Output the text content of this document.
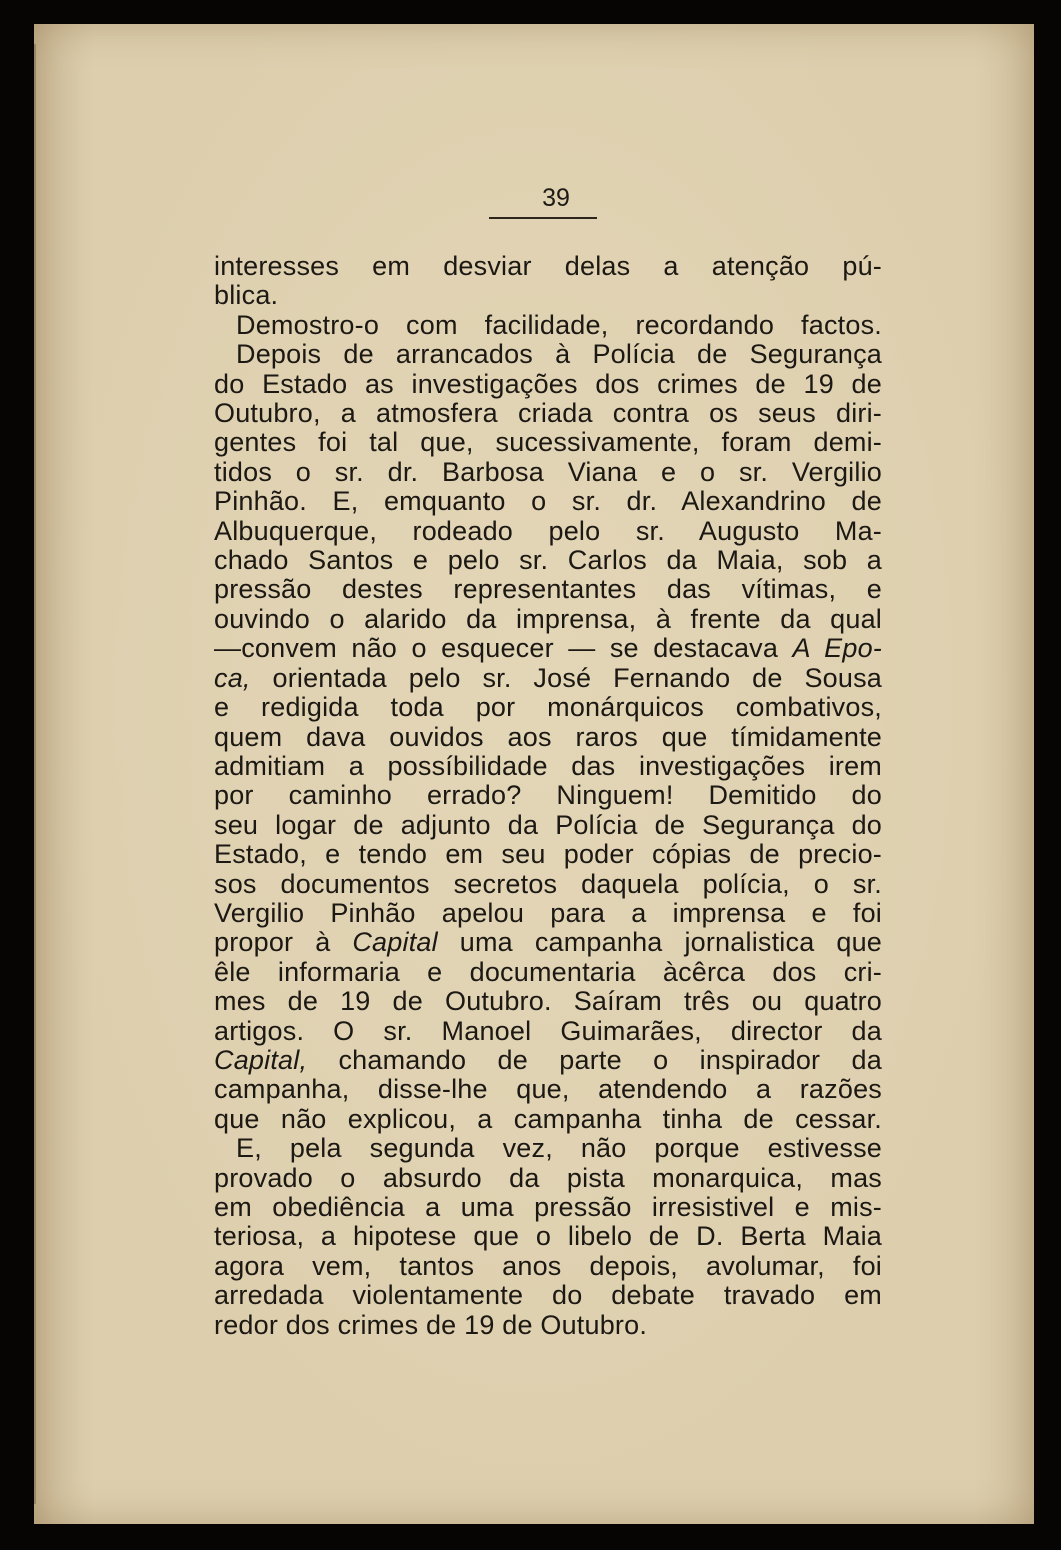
39
interesses em desviar delas a atenção pú-
blica.
Demostro-o com facilidade, recordando factos.
Depois de arrancados à Polícia de Segurança
do Estado as investigações dos crimes de 19 de
Outubro, a atmosfera criada contra os seus diri-
gentes foi tal que, sucessivamente, foram demi-
tidos o sr. dr. Barbosa Viana e o sr. Vergilio
Pinhão. E, emquanto o sr. dr. Alexandrino de
Albuquerque, rodeado pelo sr. Augusto Ma-
chado Santos e pelo sr. Carlos da Maia, sob a
pressão destes representantes das vítimas, e
ouvindo o alarido da imprensa, à frente da qual
—convem não o esquecer — se destacava A Epo-
ca, orientada pelo sr. José Fernando de Sousa
e redigida toda por monárquicos combativos,
quem dava ouvidos aos raros que tímidamente
admitiam a possíbilidade das investigações irem
por caminho errado? Ninguem! Demitido do
seu logar de adjunto da Polícia de Segurança do
Estado, e tendo em seu poder cópias de precio-
sos documentos secretos daquela polícia, o sr.
Vergilio Pinhão apelou para a imprensa e foi
propor à Capital uma campanha jornalistica que
êle informaria e documentaria àcêrca dos cri-
mes de 19 de Outubro. Saíram três ou quatro
artigos. O sr. Manoel Guimarães, director da
Capital, chamando de parte o inspirador da
campanha, disse-lhe que, atendendo a razões
que não explicou, a campanha tinha de cessar.
E, pela segunda vez, não porque estivesse
provado o absurdo da pista monarquica, mas
em obediência a uma pressão irresistivel e mis-
teriosa, a hipotese que o libelo de D. Berta Maia
agora vem, tantos anos depois, avolumar, foi
arredada violentamente do debate travado em
redor dos crimes de 19 de Outubro.
